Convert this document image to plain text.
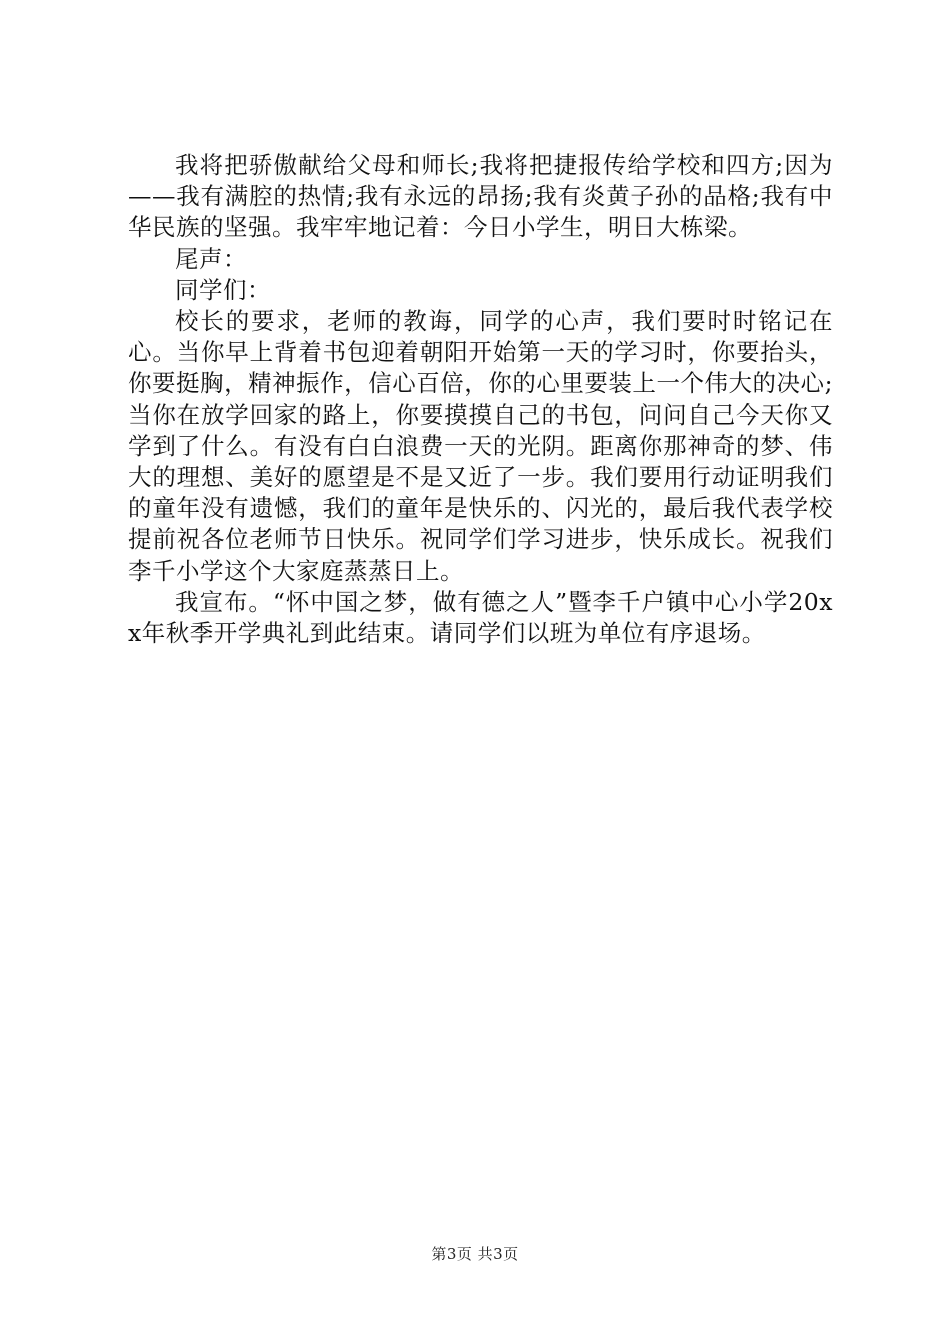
我将把骄傲献给父母和师长;我将把捷报传给学校和四方;因为——我有满腔的热情;我有永远的昂扬;我有炎黄子孙的品格;我有中华民族的坚强。我牢牢地记着：今日小学生，明日大栋梁。

尾声：

同学们：

校长的要求，老师的教诲，同学的心声，我们要时时铭记在心。当你早上背着书包迎着朝阳开始第一天的学习时，你要抬头，你要挺胸，精神振作，信心百倍，你的心里要装上一个伟大的决心;当你在放学回家的路上，你要摸摸自己的书包，问问自己今天你又学到了什么。有没有白白浪费一天的光阴。距离你那神奇的梦、伟大的理想、美好的愿望是不是又近了一步。我们要用行动证明我们的童年没有遗憾，我们的童年是快乐的、闪光的，最后我代表学校提前祝各位老师节日快乐。祝同学们学习进步，快乐成长。祝我们李千小学这个大家庭蒸蒸日上。

我宣布。“怀中国之梦，做有德之人”暨李千户镇中心小学20xx年秋季开学典礼到此结束。请同学们以班为单位有序退场。

第3页 共3页
